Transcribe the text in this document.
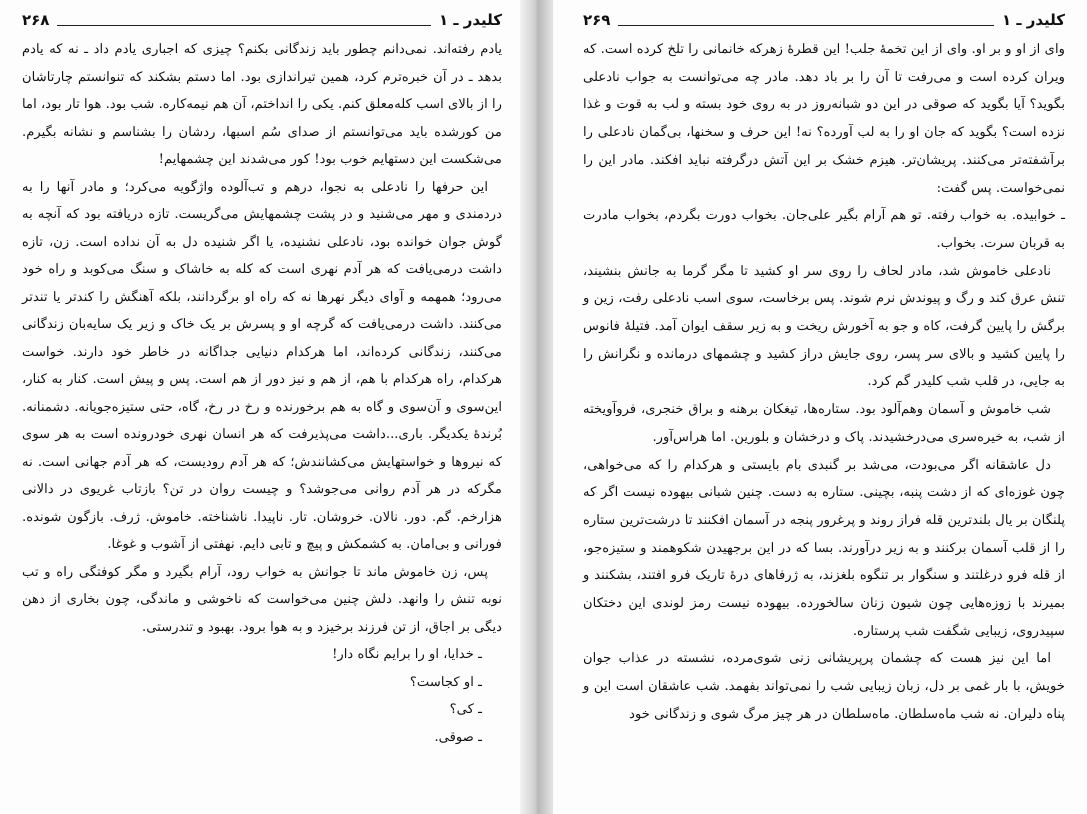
۲۶۸	کلیدر ـ ۱

یادم رفته‌اند. نمی‌دانم چطور باید زندگانی بکنم؟ چیزی که اجباری یادم داد ـ نه که یادم بدهد ـ در آن خبره‌ترم کرد، همین تیراندازی بود. اما دستم بشکند که تنوانستم چارتاشان را از بالای اسب کله‌معلق کنم. یکی را انداختم، آن هم نیمه‌کاره. شب بود. هوا تار بود، اما من کورشده باید می‌توانستم از صدای سُم اسبها، ردشان را بشناسم و نشانه بگیرم. می‌شکست این دستهایم خوب بود! کور می‌شدند این چشمهایم!

این حرفها را نادعلی به نجوا، درهم و تب‌آلوده واژگویه می‌کرد؛ و مادر آنها را به دردمندی و مهر می‌شنید و در پشت چشمهایش می‌گریست. تازه دریافته بود که آنچه به گوش جوان خوانده بود، نادعلی نشنیده، یا اگر شنیده دل به آن نداده است. زن، تازه داشت درمی‌یافت که هر آدم نهری است که کله به خاشاک و سنگ می‌کوبد و راه خود می‌رود؛ همهمه و آوای دیگر نهرها نه که راه او برگردانند، بلکه آهنگش را کندتر یا تندتر می‌کنند. داشت درمی‌یافت که گرچه او و پسرش بر یک خاک و زیر یک سایه‌بان زندگانی می‌کنند، زندگانی کرده‌اند، اما هرکدام دنیایی جداگانه در خاطر خود دارند. خواست هرکدام، راه هرکدام با هم، از هم و نیز دور از هم است. پس و پیش است. کنار به کنار، این‌سوی و آن‌سوی و گاه به هم برخورنده و رخ در رخ، گاه، حتی ستیزه‌جویانه. دشمنانه. بُرندهٔ یکدیگر. باری...داشت می‌پذیرفت که هر انسان نهری خودرونده است به هر سوی که نیروها و خواستهایش می‌کشانندش؛ که هر آدم رودیست، که هر آدم جهانی است. نه مگرکه در هر آدم روانی می‌جوشد؟ و چیست روان در تن؟ بازتاب غریوی در دالانی هزارخم. گم. دور. نالان. خروشان. تار. ناپیدا. ناشناخته. خاموش. ژرف. بازگون شونده. فورانی و بی‌امان. به کشمکش و پیچ و تابی دایم. نهفتی از آشوب و غوغا.

پس، زن خاموش ماند تا جوانش به خواب رود، آرام بگیرد و مگر کوفتگی راه و تب نوبه تنش را وانهد. دلش چنین می‌خواست که ناخوشی و ماندگی، چون بخاری از دهن دیگی بر اجاق، از تن فرزند برخیزد و به هوا برود. بهبود و تندرستی.

ـ خدایا، او را برایم نگاه دار!

ـ او کجاست؟

ـ کی؟

ـ صوقی.

۲۶۹	کلیدر ـ ۱

وای از او و بر او. وای از این تخمهٔ جلب! این قطرهٔ زهرکه خانمانی را تلخ کرده است. که ویران کرده است و می‌رفت تا آن را بر باد دهد. مادر چه می‌توانست به جواب نادعلی بگوید؟ آیا بگوید که صوقی در این دو شبانه‌روز در به روی خود بسته و لب به قوت و غذا نزده است؟ بگوید که جان او را به لب آورده؟ نه! این حرف و سخنها، بی‌گمان نادعلی را برآشفته‌تر می‌کنند. پریشان‌تر. هیزم خشک بر این آتش درگرفته نباید افکند. مادر این را نمی‌خواست. پس گفت:

ـ خوابیده. به خواب رفته. تو هم آرام بگیر علی‌جان. بخواب دورت بگردم، بخواب مادرت به قربان سرت. بخواب.

نادعلی خاموش شد، مادر لحاف را روی سر او کشید تا مگر گرما به جانش بنشیند، تنش عرق کند و رگ و پیوندش نرم شوند. پس برخاست، سوی اسب نادعلی رفت، زین و برگش را پایین گرفت، کاه و جو به آخورش ریخت و به زیر سقف ایوان آمد. فتیلهٔ فانوس را پایین کشید و بالای سر پسر، روی جایش دراز کشید و چشمهای درمانده و نگرانش را به جایی، در قلب شب کلیدر گم کرد.

شب خاموش و آسمان وهم‌آلود بود. ستاره‌ها، تیغکان برهنه و براق خنجری، فروآویخته از شب، به خیره‌سری می‌درخشیدند. پاک و درخشان و بلورین. اما هراس‌آور.

دل عاشقانه اگر می‌بودت، می‌شد بر گنبدی بام بایستی و هرکدام را که می‌خواهی، چون غوزه‌ای که از دشت پنبه، بچینی. ستاره به دست. چنین شبانی بیهوده نیست اگر که پلنگان بر یال بلندترین قله فراز روند و پرغرور پنجه در آسمان افکنند تا درشت‌ترین ستاره را از قلب آسمان برکنند و به زیر درآورند. بسا که در این برجهیدن شکوهمند و ستیزه‌جو، از قله فرو درغلتند و سنگوار بر تنگوه بلغزند، به ژرفاهای درهٔ تاریک فرو افتند، بشکنند و بمیرند با زوزه‌هایی چون شیون زنان سالخورده. بیهوده نیست رمز لوندی این دختکان سپیدروی، زیبایی شگفت شب پرستاره.

اما این نیز هست که چشمان پرپریشانی زنی شوی‌مرده، نشسته در عذاب جوان خویش، با بار غمی بر دل، زبان زیبایی شب را نمی‌تواند بفهمد. شب عاشقان است این و پناه دلیران. نه شب ماه‌سلطان. ماه‌سلطان در هر چیز مرگ شوی و زندگانی خود
